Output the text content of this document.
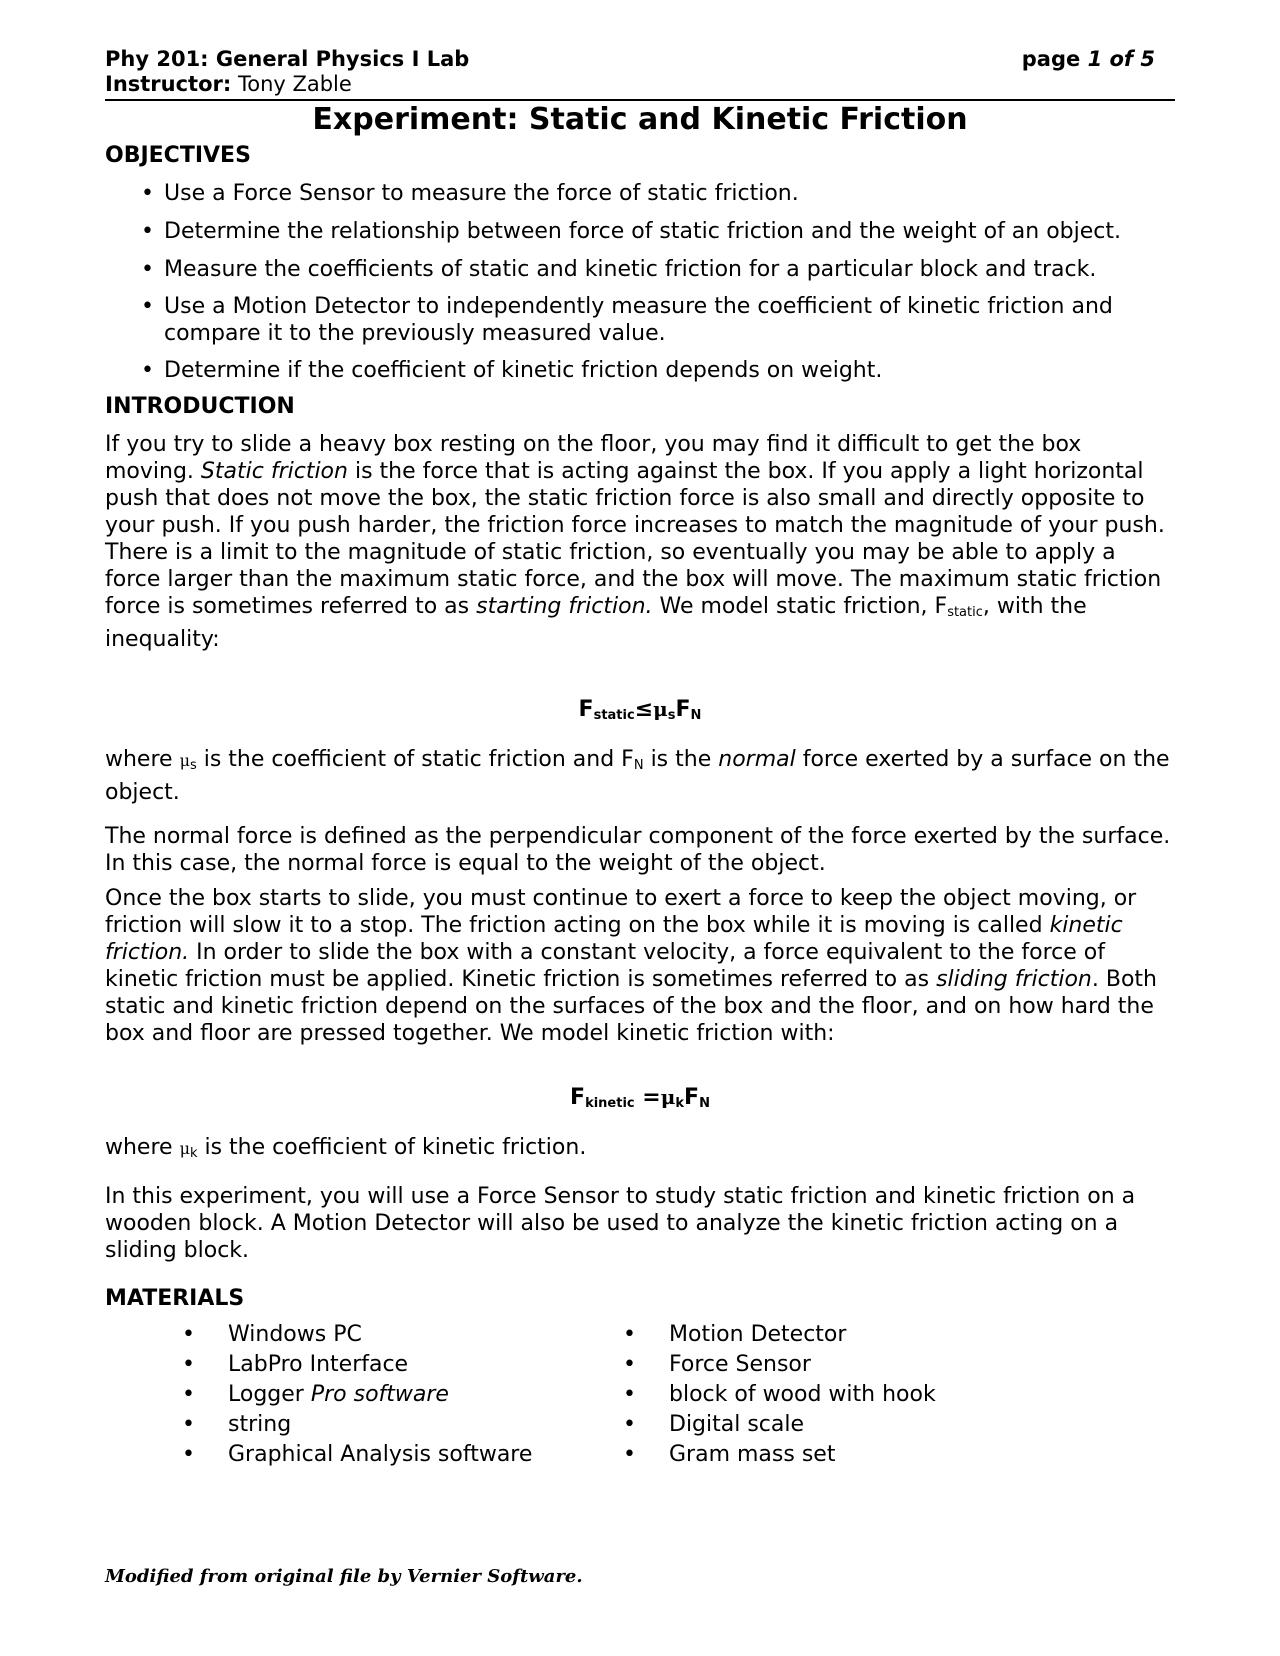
Phy 201: General Physics I Lab	page 1 of 5
Instructor: Tony Zable
Experiment: Static and Kinetic Friction
OBJECTIVES
• Use a Force Sensor to measure the force of static friction.
• Determine the relationship between force of static friction and the weight of an object.
• Measure the coefficients of static and kinetic friction for a particular block and track.
• Use a Motion Detector to independently measure the coefficient of kinetic friction and compare it to the previously measured value.
• Determine if the coefficient of kinetic friction depends on weight.
INTRODUCTION
If you try to slide a heavy box resting on the floor, you may find it difficult to get the box moving. Static friction is the force that is acting against the box. If you apply a light horizontal push that does not move the box, the static friction force is also small and directly opposite to your push. If you push harder, the friction force increases to match the magnitude of your push. There is a limit to the magnitude of static friction, so eventually you may be able to apply a force larger than the maximum static force, and the box will move. The maximum static friction force is sometimes referred to as starting friction. We model static friction, $F_{static}$, with the inequality:
$F_{static}\le\mu_sF_N$
where $\mu_s$ is the coefficient of static friction and $F_N$ is the normal force exerted by a surface on the object.
The normal force is defined as the perpendicular component of the force exerted by the surface. In this case, the normal force is equal to the weight of the object.
Once the box starts to slide, you must continue to exert a force to keep the object moving, or friction will slow it to a stop. The friction acting on the box while it is moving is called kinetic friction. In order to slide the box with a constant velocity, a force equivalent to the force of kinetic friction must be applied. Kinetic friction is sometimes referred to as sliding friction. Both static and kinetic friction depend on the surfaces of the box and the floor, and on how hard the box and floor are pressed together. We model kinetic friction with:
$F_{kinetic} =\mu_kF_N$
where $\mu_k$ is the coefficient of kinetic friction.
In this experiment, you will use a Force Sensor to study static friction and kinetic friction on a wooden block. A Motion Detector will also be used to analyze the kinetic friction acting on a sliding block.
MATERIALS
• Windows PC
• LabPro Interface
• Logger Pro software
• string
• Graphical Analysis software
• Motion Detector
• Force Sensor
• block of wood with hook
• Digital scale
• Gram mass set
Modified from original file by Vernier Software.
